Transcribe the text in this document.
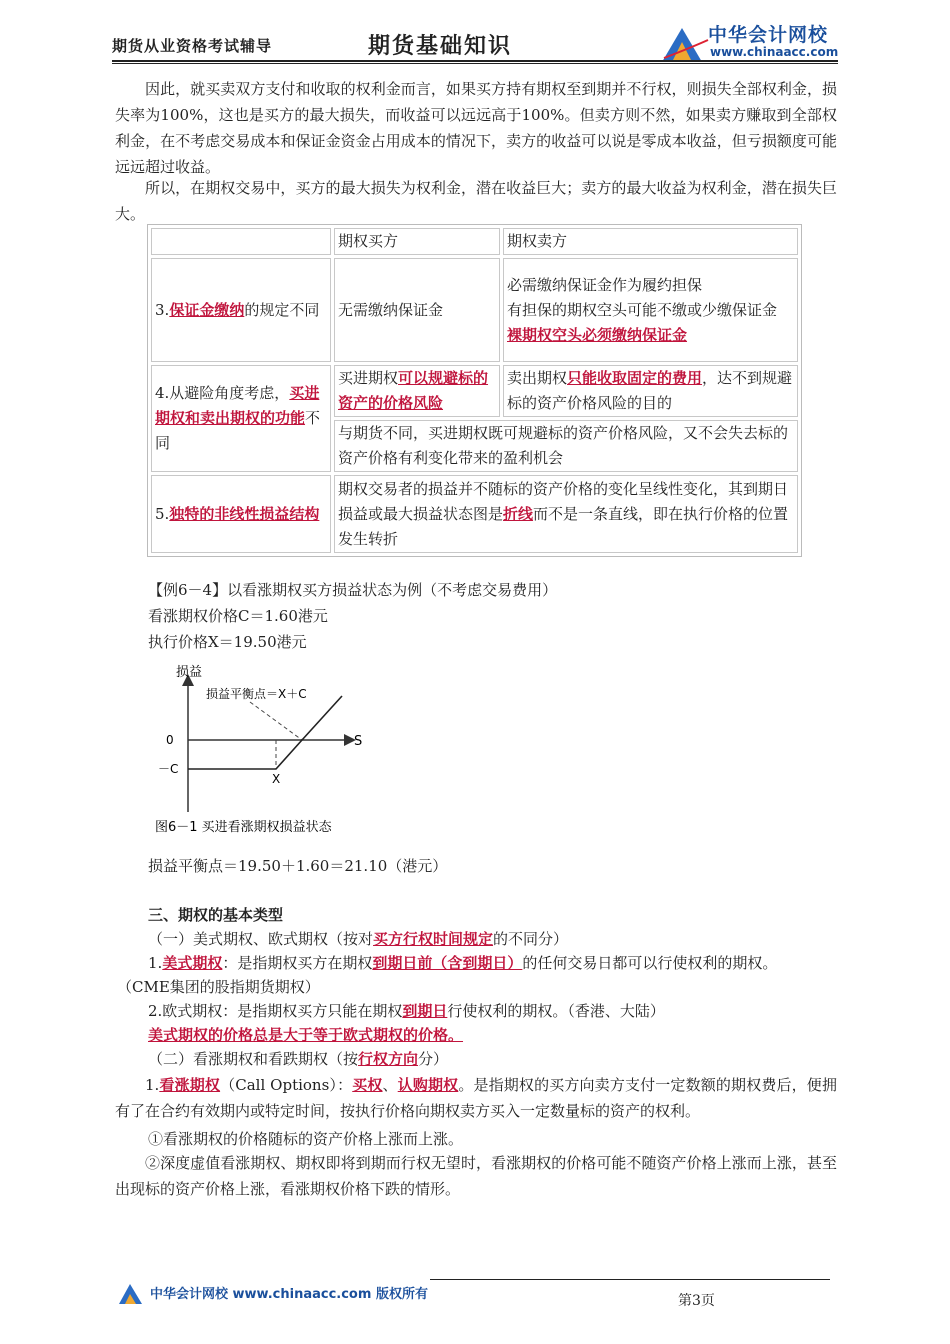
期货从业资格考试辅导	期货基础知识	中华会计网校
www.chinaacc.com
因此，就买卖双方支付和收取的权利金而言，如果买方持有期权至到期并不行权，则损失全部权利金，损失率为100%，这也是买方的最大损失，而收益可以远远高于100%。但卖方则不然，如果卖方赚取到全部权利金，在不考虑交易成本和保证金资金占用成本的情况下，卖方的收益可以说是零成本收益，但亏损额度可能远远超过收益。
所以，在期权交易中，买方的最大损失为权利金，潜在收益巨大；卖方的最大收益为权利金，潜在损失巨大。
	期权买方	期权卖方
3.保证金缴纳的规定不同	无需缴纳保证金	必需缴纳保证金作为履约担保
有担保的期权空头可能不缴或少缴保证金
裸期权空头必须缴纳保证金

4.从避险角度考虑，买进期权和卖出期权的功能不同	买进期权可以规避标的资产的价格风险	卖出期权只能收取固定的费用，达不到规避标的资产价格风险的目的
	与期货不同，买进期权既可规避标的资产价格风险，又不会失去标的资产价格有利变化带来的盈利机会	
5.独特的非线性损益结构	期权交易者的损益并不随标的资产价格的变化呈线性变化，其到期日损益或最大损益状态图是折线而不是一条直线，即在执行价格的位置发生转折	
【例6－4】以看涨期权买方损益状态为例（不考虑交易费用）
看涨期权价格C＝1.60港元
执行价格X＝19.50港元
损益
S
0
－C
X
损益平衡点＝X＋C
图6－1 买进看涨期权损益状态
损益平衡点＝19.50＋1.60＝21.10（港元）
三、期权的基本类型
（一）美式期权、欧式期权（按对买方行权时间规定的不同分）
1.美式期权：是指期权买方在期权到期日前（含到期日）的任何交易日都可以行使权利的期权。
（CME集团的股指期货期权）
2.欧式期权：是指期权买方只能在期权到期日行使权利的期权。（香港、大陆）
美式期权的价格总是大于等于欧式期权的价格。
（二）看涨期权和看跌期权（按行权方向分）
1.看涨期权（Call Options）：买权、认购期权。是指期权的买方向卖方支付一定数额的期权费后，便拥有了在合约有效期内或特定时间，按执行价格向期权卖方买入一定数量标的资产的权利。
①看涨期权的价格随标的资产价格上涨而上涨。
②深度虚值看涨期权、期权即将到期而行权无望时，看涨期权的价格可能不随资产价格上涨而上涨，甚至出现标的资产价格上涨，看涨期权价格下跌的情形。
中华会计网校 www.chinaacc.com 版权所有	第3页
